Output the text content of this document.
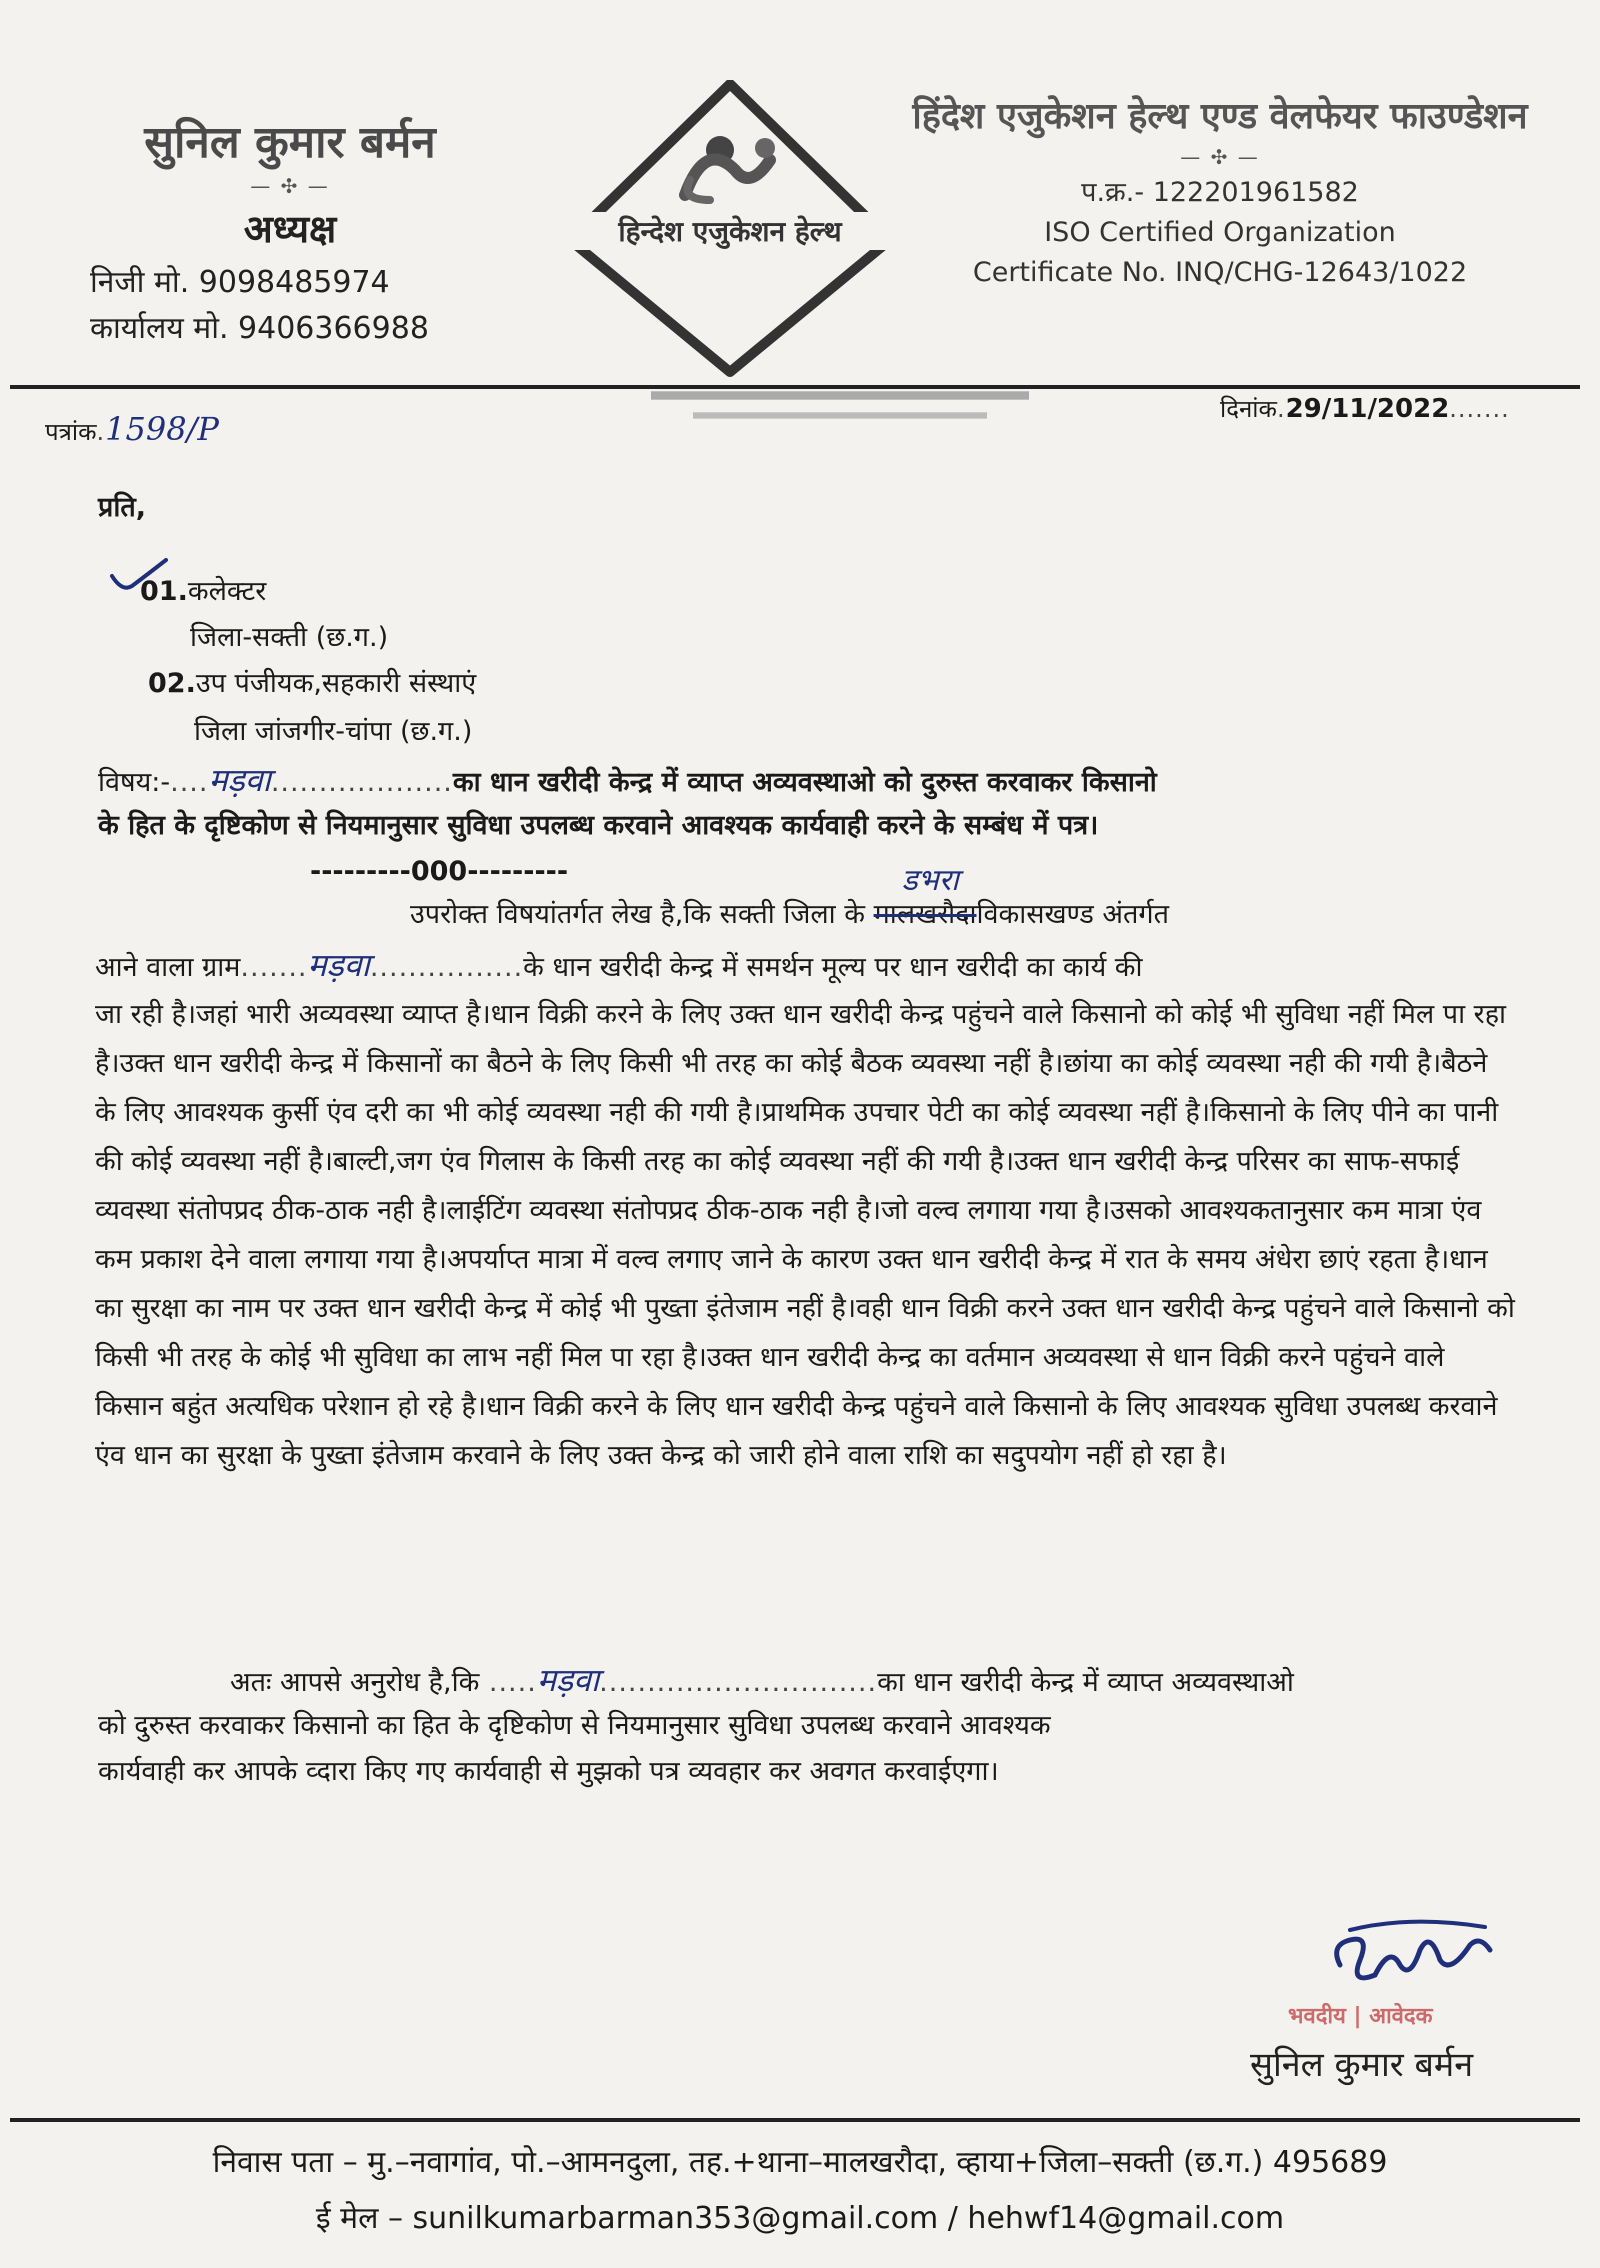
सुनिल कुमार बर्मन
— ✣ —
अध्यक्ष
निजी मो. 9098485974
कार्यालय मो. 9406366988
हिन्देश एजुकेशन हेल्थ
हिंदेश एजुकेशन हेल्थ एण्ड वेलफेयर फाउण्डेशन
— ✣ —
प.क्र.- 122201961582
ISO Certified Organization
Certificate No. INQ/CHG-12643/1022
पत्रांक.1598/P
दिनांक.29/11/2022.......
प्रति,
01.कलेक्टर
जिला-सक्ती (छ.ग.)
02.उप पंजीयक,सहकारी संस्थाएं
जिला जांजगीर-चांपा (छ.ग.)
विषय:-....मड़वा...................का धान खरीदी केन्द्र में व्याप्त अव्यवस्थाओ को दुरुस्त करवाकर किसानो
के हित के दृष्टिकोण से नियमानुसार सुविधा उपलब्ध करवाने आवश्यक कार्यवाही करने के सम्बंध में पत्र।
---------000---------
उपरोक्त विषयांतर्गत लेख है,कि सक्ती जिला के मालखरौदा
डभरा
विकासखण्ड अंतर्गत
आने वाला ग्राम.......मड़वा................के धान खरीदी केन्द्र में समर्थन मूल्य पर धान खरीदी का कार्य की

जा रही है।जहां भारी अव्यवस्था व्याप्त है।धान विक्री करने के लिए उक्त धान खरीदी केन्द्र पहुंचने वाले किसानो को कोई भी सुविधा नहीं मिल पा रहा है।उक्त धान खरीदी केन्द्र में किसानों का बैठने के लिए किसी भी तरह का कोई बैठक व्यवस्था नहीं है।छांया का कोई व्यवस्था नही की गयी है।बैठने के लिए आवश्यक कुर्सी एंव दरी का भी कोई व्यवस्था नही की गयी है।प्राथमिक उपचार पेटी का कोई व्यवस्था नहीं है।किसानो के लिए पीने का पानी की कोई व्यवस्था नहीं है।बाल्टी,जग एंव गिलास के किसी तरह का कोई व्यवस्था नहीं की गयी है।उक्त धान खरीदी केन्द्र परिसर का साफ-सफाई व्यवस्था संतोपप्रद ठीक-ठाक नही है।लाईटिंग व्यवस्था संतोपप्रद ठीक-ठाक नही है।जो वल्व लगाया गया है।उसको आवश्यकतानुसार कम मात्रा एंव कम प्रकाश देने वाला लगाया गया है।अपर्याप्त मात्रा में वल्व लगाए जाने के कारण उक्त धान खरीदी केन्द्र में रात के समय अंधेरा छाएं रहता है।धान का सुरक्षा का नाम पर उक्त धान खरीदी केन्द्र में कोई भी पुख्ता इंतेजाम नहीं है।वही धान विक्री करने उक्त धान खरीदी केन्द्र पहुंचने वाले किसानो को किसी भी तरह के कोई भी सुविधा का लाभ नहीं मिल पा रहा है।उक्त धान खरीदी केन्द्र का वर्तमान अव्यवस्था से धान विक्री करने पहुंचने वाले किसान बहुंत अत्यधिक परेशान हो रहे है।धान विक्री करने के लिए धान खरीदी केन्द्र पहुंचने वाले किसानो के लिए आवश्यक सुविधा उपलब्ध करवाने एंव धान का सुरक्षा के पुख्ता इंतेजाम करवाने के लिए उक्त केन्द्र को जारी होने वाला राशि का सदुपयोग नहीं हो रहा है।

अतः आपसे अनुरोध है,कि .....मड़वा.............................का धान खरीदी केन्द्र में व्याप्त अव्यवस्थाओ
को दुरुस्त करवाकर किसानो का हित के दृष्टिकोण से नियमानुसार सुविधा उपलब्ध करवाने आवश्यक
कार्यवाही कर आपके व्दारा किए गए कार्यवाही से मुझको पत्र व्यवहार कर अवगत करवाईएगा।
भवदीय | आवेदक
सुनिल कुमार बर्मन
निवास पता – मु.–नवागांव, पो.–आमनदुला, तह.+थाना–मालखरौदा, व्हाया+जिला–सक्ती (छ.ग.) 495689
ई मेल – sunilkumarbarman353@gmail.com / hehwf14@gmail.com
